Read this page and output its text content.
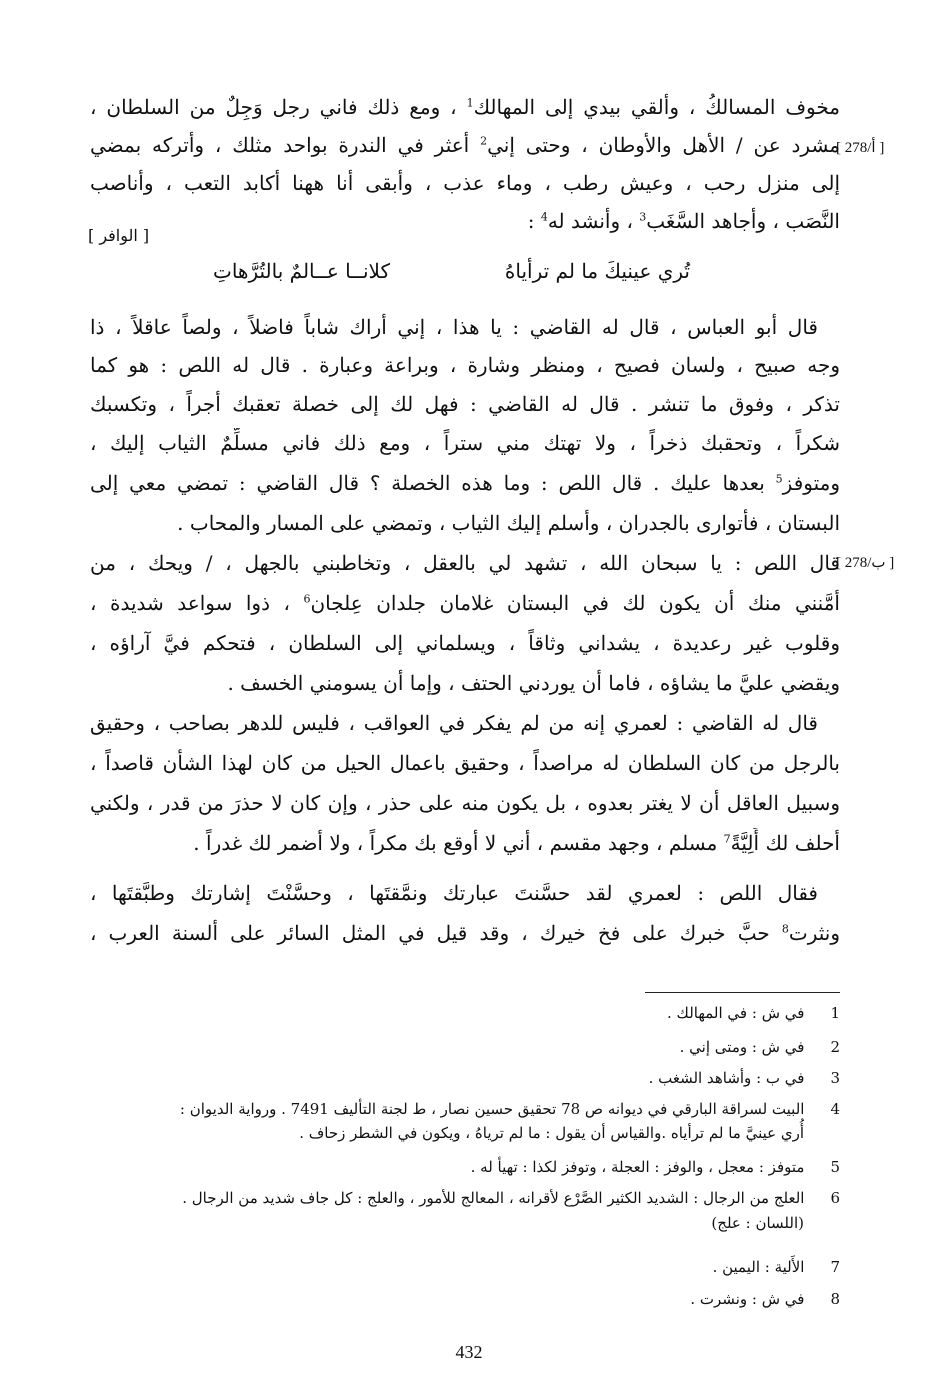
[ 278/أ ]
[ 278/ب ]
مخوف المسالكُ ، وألقي بيدي إلى المهالك$^1$ ، ومع ذلك فاني رجل وَجِلٌ من السلطان ،
مشرد عن / الأهل والأوطان ، وحتى إني$^2$ أعثر في الندرة بواحد مثلك ، وأتركه بمضي
إلى منزل رحب ، وعيش رطب ، وماء عذب ، وأبقى أنا ههنا أكابد التعب ، وأناصب
النَّصَب ، وأجاهد السَّغَب$^3$ ، وأنشد له$^4$ :
[ الوافر ]
تُري عينيكَ ما لم ترأياهُ
كلانــا عــالمٌ بالتُرَّهاتِ
قال أبو العباس ، قال له القاضي : يا هذا ، إني أراك شاباً فاضلاً ، ولصاً عاقلاً ، ذا
وجه صبيح ، ولسان فصيح ، ومنظر وشارة ، وبراعة وعبارة . قال له اللص : هو كما
تذكر ، وفوق ما تنشر . قال له القاضي : فهل لك إلى خصلة تعقبك أجراً ، وتكسبك
شكراً ، وتحقبك ذخراً ، ولا تهتك مني ستراً ، ومع ذلك فاني مسلِّمٌ الثياب إليك ،
ومتوفز$^5$ بعدها عليك . قال اللص : وما هذه الخصلة ؟ قال القاضي : تمضي معي إلى
البستان ، فأتوارى بالجدران ، وأسلم إليك الثياب ، وتمضي على المسار والمحاب .
قال اللص : يا سبحان الله ، تشهد لي بالعقل ، وتخاطبني بالجهل ، / ويحك ، من
أمَّنني منك أن يكون لك في البستان غلامان جلدان عِلجان$^6$ ، ذوا سواعد شديدة ،
وقلوب غير رعديدة ، يشداني وثاقاً ، ويسلماني إلى السلطان ، فتحكم فيَّ آراؤه ،
ويقضي عليَّ ما يشاؤه ، فاما أن يوردني الحتف ، وإما أن يسومني الخسف .
قال له القاضي : لعمري إنه من لم يفكر في العواقب ، فليس للدهر بصاحب ، وحقيق
بالرجل من كان السلطان له مراصداً ، وحقيق باعمال الحيل من كان لهذا الشأن قاصداً ،
وسبيل العاقل أن لا يغتر بعدوه ، بل يكون منه على حذر ، وإن كان لا حذرَ من قدر ، ولكني
أحلف لك أَلِيَّةً$^7$ مسلم ، وجهد مقسم ، أني لا أوقع بك مكراً ، ولا أضمر لك غدراً .
فقال اللص : لعمري لقد حسَّنتَ عبارتك ونمَّقتَها ، وحسَّنْتَ إشارتك وطبَّقتَها ،
ونثرت$^8$ حبَّ خبرك على فخ خيرك ، وقد قيل في المثل السائر على ألسنة العرب ،
1  في ش : في المهالك .
2  في ش : ومتى إني .
3  في ب : وأشاهد الشغب .
4  البيت لسراقة البارقي في ديوانه ص 78 تحقيق حسين نصار ، ط لجنة التأليف 7491 . ورواية الديوان :
أُري عينيَّ ما لم ترأياه .والقياس أن يقول : ما لم ترياهُ ، ويكون في الشطر زحاف .
5  متوفز : معجل ، والوفز : العجلة ، وتوفز لكذا : تهيأ له .
6  العلج من الرجال : الشديد الكثير الصَّرْع لأقرانه ، المعالج للأمور ، والعلج : كل جاف شديد من الرجال .
(اللسان : علج)
7  الأَلية : اليمين .
8  في ش : ونشرت .
432
